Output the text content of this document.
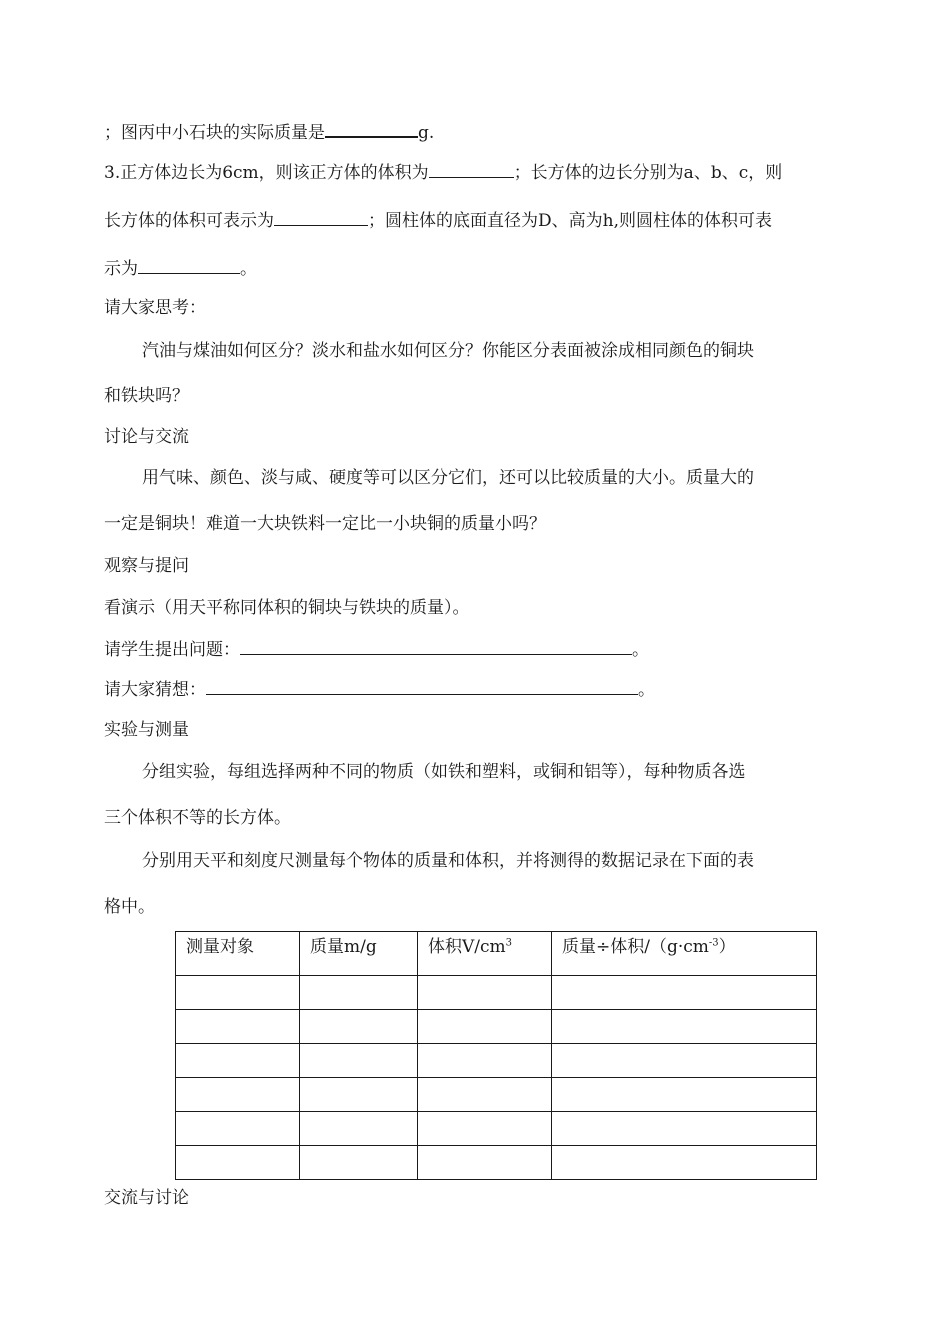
；图丙中小石块的实际质量是	g.
3.正方体边长为6cm，则该正方体的体积为	；长方体的边长分别为a、b、c，则
长方体的体积可表示为	；圆柱体的底面直径为D、高为h,则圆柱体的体积可表
示为	。
请大家思考：
汽油与煤油如何区分？淡水和盐水如何区分？你能区分表面被涂成相同颜色的铜块
和铁块吗？
讨论与交流
用气味、颜色、淡与咸、硬度等可以区分它们，还可以比较质量的大小。质量大的
一定是铜块！难道一大块铁料一定比一小块铜的质量小吗？
观察与提问
看演示（用天平称同体积的铜块与铁块的质量）。
请学生提出问题：	。
请大家猜想：	。
实验与测量
分组实验，每组选择两种不同的物质（如铁和塑料，或铜和铝等），每种物质各选
三个体积不等的长方体。
分别用天平和刻度尺测量每个物体的质量和体积，并将测得的数据记录在下面的表
格中。
测量对象	质量m/g	体积$V/cm^3$	质量÷体积$/(g\cdot cm^{-3})$

交流与讨论
